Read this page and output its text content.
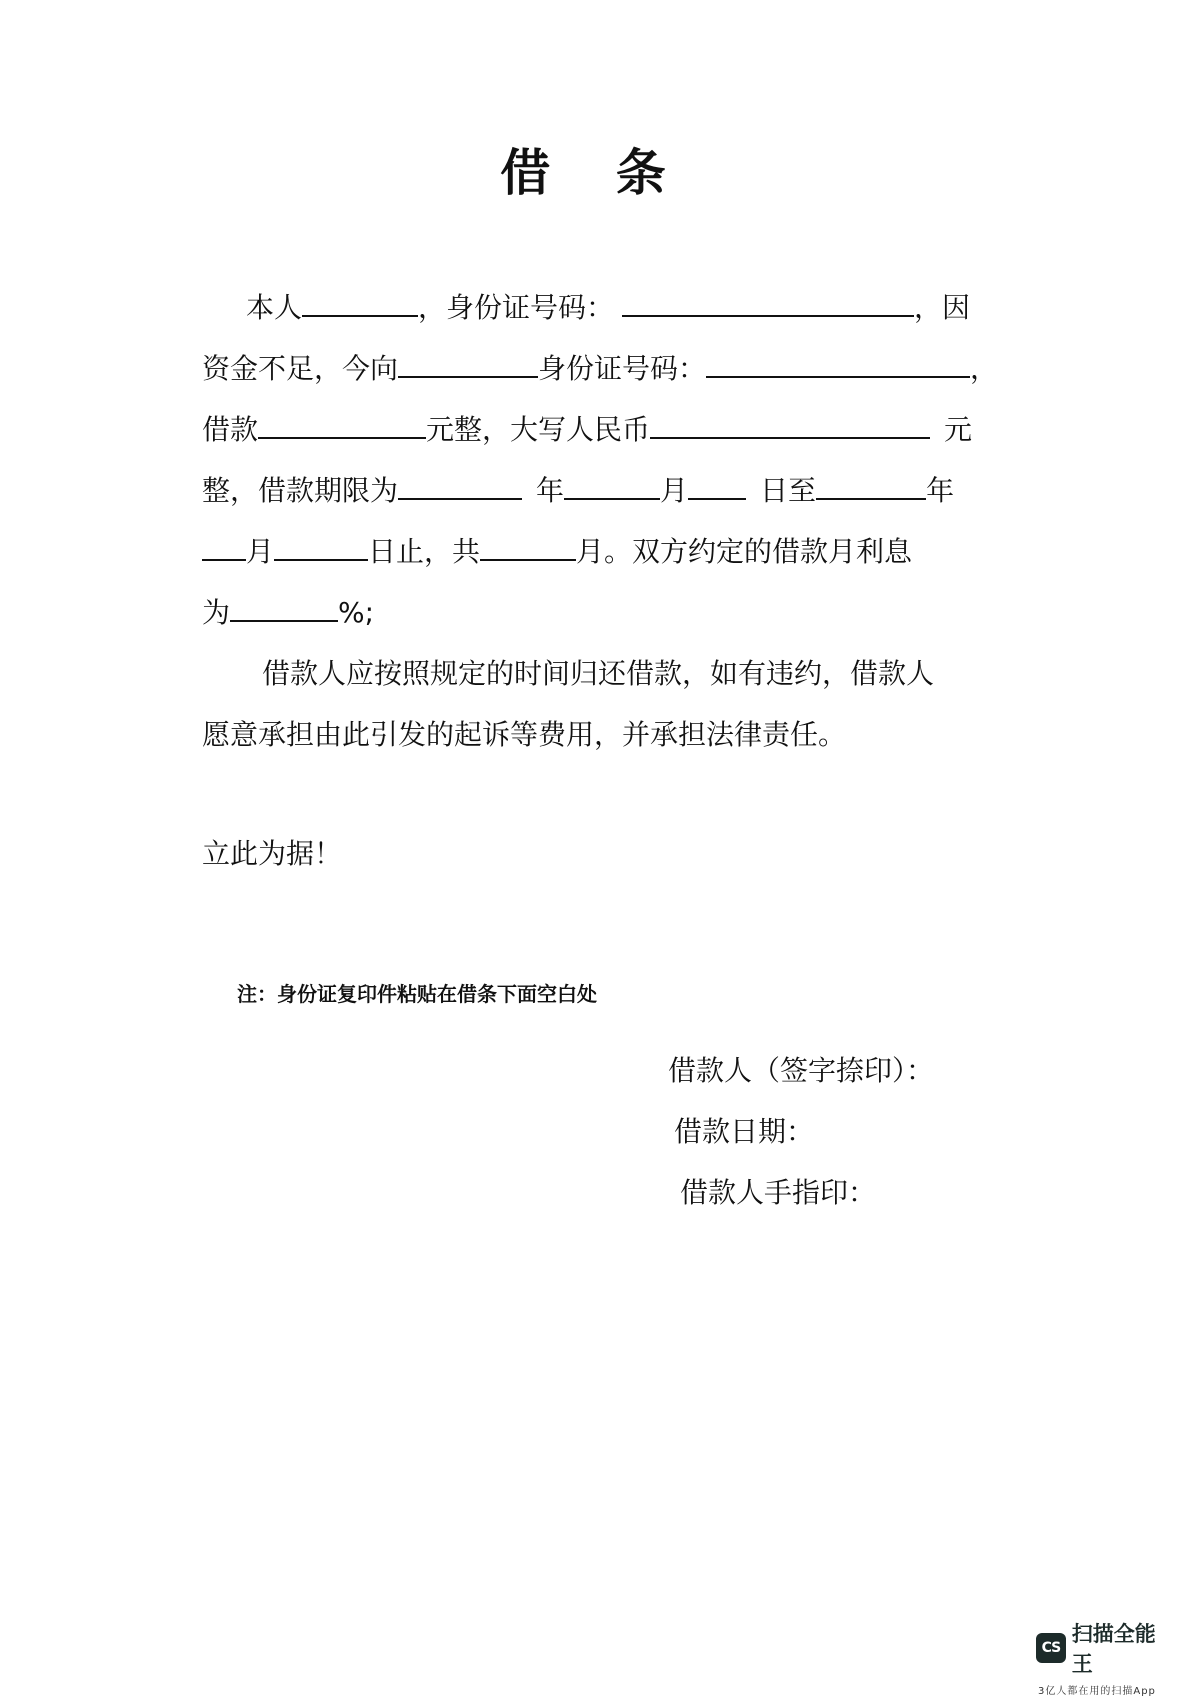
借 条
本人	，身份证号码：	，因
资金不足，今向	身份证号码：	，
借款	元整，大写人民币	元
整，借款期限为	年	月	日至	年
月	日止，共	月。双方约定的借款月利息
为	%;
借款人应按照规定的时间归还借款，如有违约，借款人
愿意承担由此引发的起诉等费用，并承担法律责任。

立此为据！

注：身份证复印件粘贴在借条下面空白处

借款人（签字捺印）：
借款日期：
借款人手指印：
CS
扫描全能王
3亿人都在用的扫描App
